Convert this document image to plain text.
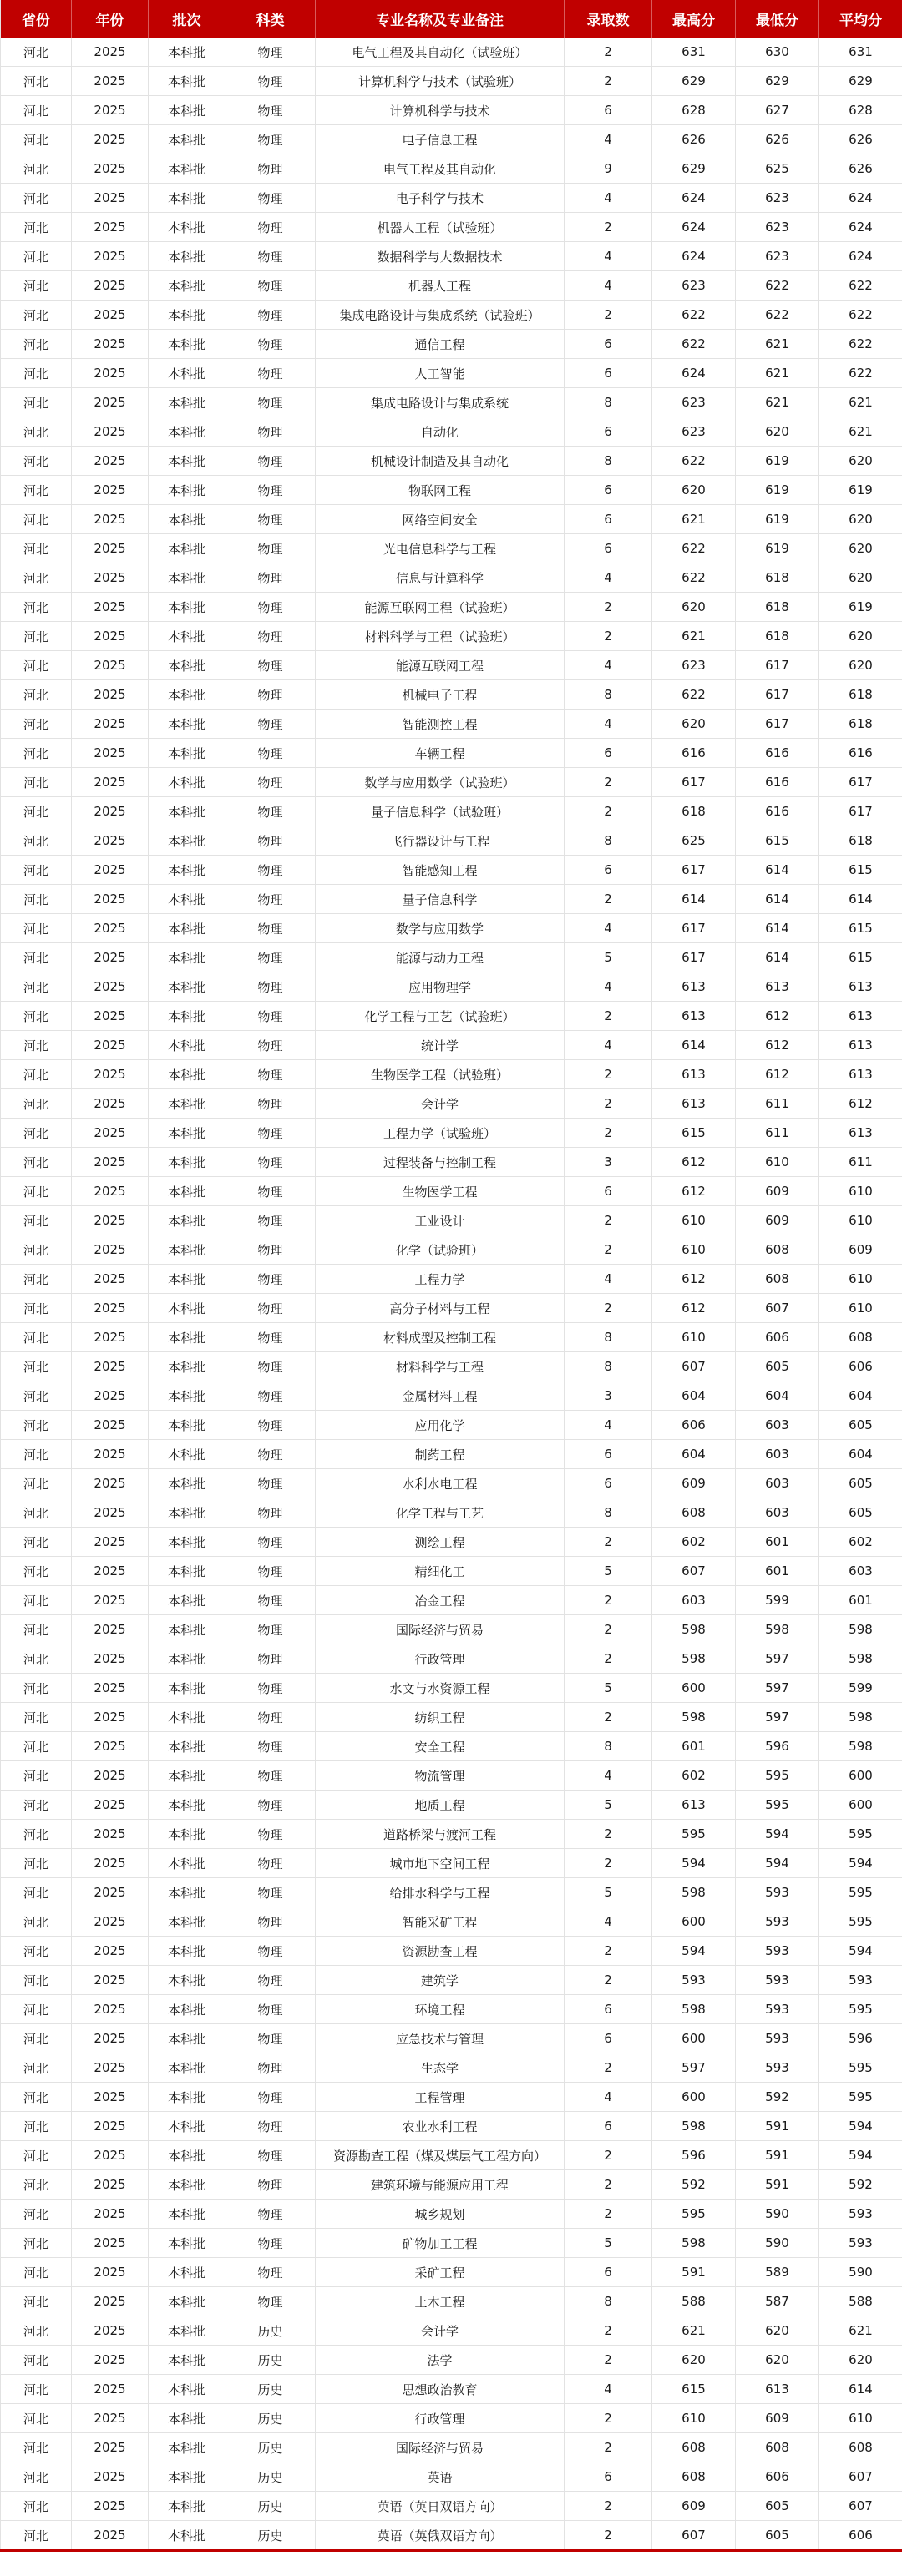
省份	年份	批次	科类	专业名称及专业备注	录取数	最高分	最低分	平均分
河北	2025	本科批	物理	电气工程及其自动化（试验班）	2	631	630	631
河北	2025	本科批	物理	计算机科学与技术（试验班）	2	629	629	629
河北	2025	本科批	物理	计算机科学与技术	6	628	627	628
河北	2025	本科批	物理	电子信息工程	4	626	626	626
河北	2025	本科批	物理	电气工程及其自动化	9	629	625	626
河北	2025	本科批	物理	电子科学与技术	4	624	623	624
河北	2025	本科批	物理	机器人工程（试验班）	2	624	623	624
河北	2025	本科批	物理	数据科学与大数据技术	4	624	623	624
河北	2025	本科批	物理	机器人工程	4	623	622	622
河北	2025	本科批	物理	集成电路设计与集成系统（试验班）	2	622	622	622
河北	2025	本科批	物理	通信工程	6	622	621	622
河北	2025	本科批	物理	人工智能	6	624	621	622
河北	2025	本科批	物理	集成电路设计与集成系统	8	623	621	621
河北	2025	本科批	物理	自动化	6	623	620	621
河北	2025	本科批	物理	机械设计制造及其自动化	8	622	619	620
河北	2025	本科批	物理	物联网工程	6	620	619	619
河北	2025	本科批	物理	网络空间安全	6	621	619	620
河北	2025	本科批	物理	光电信息科学与工程	6	622	619	620
河北	2025	本科批	物理	信息与计算科学	4	622	618	620
河北	2025	本科批	物理	能源互联网工程（试验班）	2	620	618	619
河北	2025	本科批	物理	材料科学与工程（试验班）	2	621	618	620
河北	2025	本科批	物理	能源互联网工程	4	623	617	620
河北	2025	本科批	物理	机械电子工程	8	622	617	618
河北	2025	本科批	物理	智能测控工程	4	620	617	618
河北	2025	本科批	物理	车辆工程	6	616	616	616
河北	2025	本科批	物理	数学与应用数学（试验班）	2	617	616	617
河北	2025	本科批	物理	量子信息科学（试验班）	2	618	616	617
河北	2025	本科批	物理	飞行器设计与工程	8	625	615	618
河北	2025	本科批	物理	智能感知工程	6	617	614	615
河北	2025	本科批	物理	量子信息科学	2	614	614	614
河北	2025	本科批	物理	数学与应用数学	4	617	614	615
河北	2025	本科批	物理	能源与动力工程	5	617	614	615
河北	2025	本科批	物理	应用物理学	4	613	613	613
河北	2025	本科批	物理	化学工程与工艺（试验班）	2	613	612	613
河北	2025	本科批	物理	统计学	4	614	612	613
河北	2025	本科批	物理	生物医学工程（试验班）	2	613	612	613
河北	2025	本科批	物理	会计学	2	613	611	612
河北	2025	本科批	物理	工程力学（试验班）	2	615	611	613
河北	2025	本科批	物理	过程装备与控制工程	3	612	610	611
河北	2025	本科批	物理	生物医学工程	6	612	609	610
河北	2025	本科批	物理	工业设计	2	610	609	610
河北	2025	本科批	物理	化学（试验班）	2	610	608	609
河北	2025	本科批	物理	工程力学	4	612	608	610
河北	2025	本科批	物理	高分子材料与工程	2	612	607	610
河北	2025	本科批	物理	材料成型及控制工程	8	610	606	608
河北	2025	本科批	物理	材料科学与工程	8	607	605	606
河北	2025	本科批	物理	金属材料工程	3	604	604	604
河北	2025	本科批	物理	应用化学	4	606	603	605
河北	2025	本科批	物理	制药工程	6	604	603	604
河北	2025	本科批	物理	水利水电工程	6	609	603	605
河北	2025	本科批	物理	化学工程与工艺	8	608	603	605
河北	2025	本科批	物理	测绘工程	2	602	601	602
河北	2025	本科批	物理	精细化工	5	607	601	603
河北	2025	本科批	物理	冶金工程	2	603	599	601
河北	2025	本科批	物理	国际经济与贸易	2	598	598	598
河北	2025	本科批	物理	行政管理	2	598	597	598
河北	2025	本科批	物理	水文与水资源工程	5	600	597	599
河北	2025	本科批	物理	纺织工程	2	598	597	598
河北	2025	本科批	物理	安全工程	8	601	596	598
河北	2025	本科批	物理	物流管理	4	602	595	600
河北	2025	本科批	物理	地质工程	5	613	595	600
河北	2025	本科批	物理	道路桥梁与渡河工程	2	595	594	595
河北	2025	本科批	物理	城市地下空间工程	2	594	594	594
河北	2025	本科批	物理	给排水科学与工程	5	598	593	595
河北	2025	本科批	物理	智能采矿工程	4	600	593	595
河北	2025	本科批	物理	资源勘查工程	2	594	593	594
河北	2025	本科批	物理	建筑学	2	593	593	593
河北	2025	本科批	物理	环境工程	6	598	593	595
河北	2025	本科批	物理	应急技术与管理	6	600	593	596
河北	2025	本科批	物理	生态学	2	597	593	595
河北	2025	本科批	物理	工程管理	4	600	592	595
河北	2025	本科批	物理	农业水利工程	6	598	591	594
河北	2025	本科批	物理	资源勘查工程（煤及煤层气工程方向）	2	596	591	594
河北	2025	本科批	物理	建筑环境与能源应用工程	2	592	591	592
河北	2025	本科批	物理	城乡规划	2	595	590	593
河北	2025	本科批	物理	矿物加工工程	5	598	590	593
河北	2025	本科批	物理	采矿工程	6	591	589	590
河北	2025	本科批	物理	土木工程	8	588	587	588
河北	2025	本科批	历史	会计学	2	621	620	621
河北	2025	本科批	历史	法学	2	620	620	620
河北	2025	本科批	历史	思想政治教育	4	615	613	614
河北	2025	本科批	历史	行政管理	2	610	609	610
河北	2025	本科批	历史	国际经济与贸易	2	608	608	608
河北	2025	本科批	历史	英语	6	608	606	607
河北	2025	本科批	历史	英语（英日双语方向）	2	609	605	607
河北	2025	本科批	历史	英语（英俄双语方向）	2	607	605	606
